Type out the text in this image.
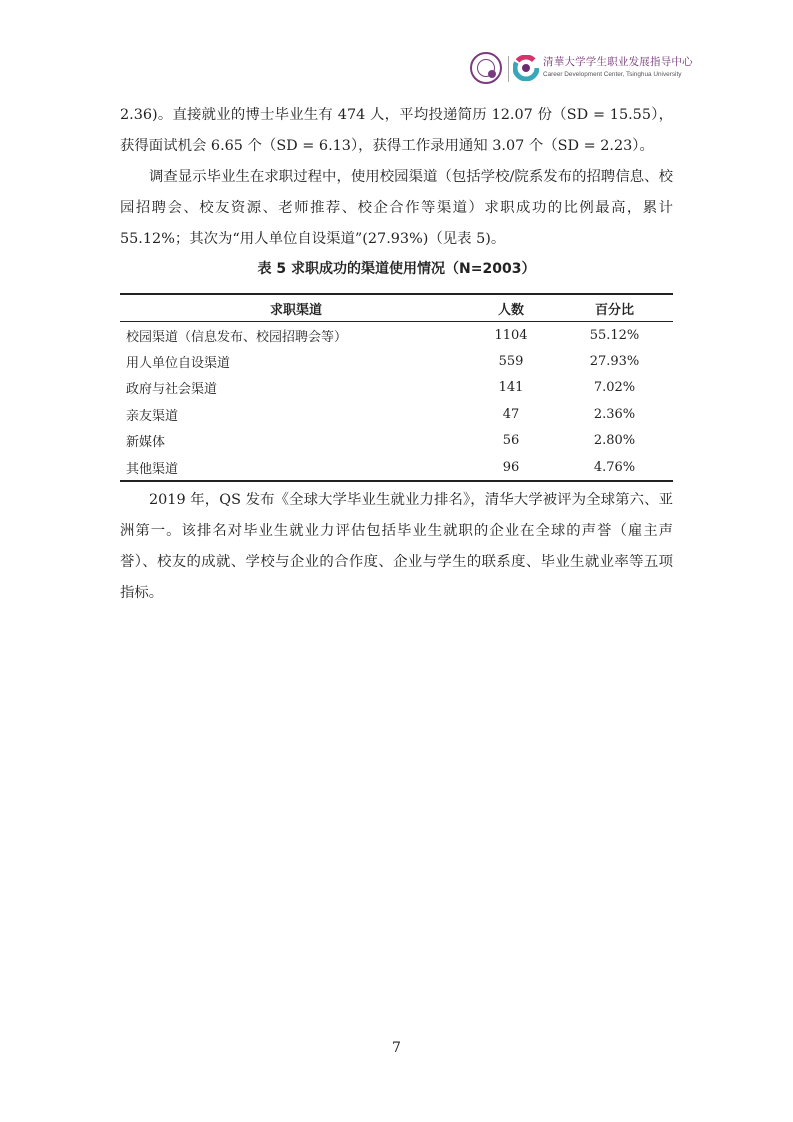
清華大学学生职业发展指导中心
Career Development Center, Tsinghua University

2.36)。直接就业的博士毕业生有 474 人，平均投递简历 12.07 份（SD = 15.55），获得面试机会 6.65 个（SD = 6.13），获得工作录用通知 3.07 个（SD = 2.23）。

调查显示毕业生在求职过程中，使用校园渠道（包括学校/院系发布的招聘信息、校园招聘会、校友资源、老师推荐、校企合作等渠道）求职成功的比例最高，累计 55.12%；其次为“用人单位自设渠道”(27.93%)（见表 5)。

表 5 求职成功的渠道使用情况（N=2003）
求职渠道	人数	百分比
校园渠道（信息发布、校园招聘会等）	1104	55.12%
用人单位自设渠道	559	27.93%
政府与社会渠道	141	7.02%
亲友渠道	47	2.36%
新媒体	56	2.80%
其他渠道	96	4.76%

2019 年，QS 发布《全球大学毕业生就业力排名》，清华大学被评为全球第六、亚洲第一。该排名对毕业生就业力评估包括毕业生就职的企业在全球的声誉（雇主声誉）、校友的成就、学校与企业的合作度、企业与学生的联系度、毕业生就业率等五项指标。

7
